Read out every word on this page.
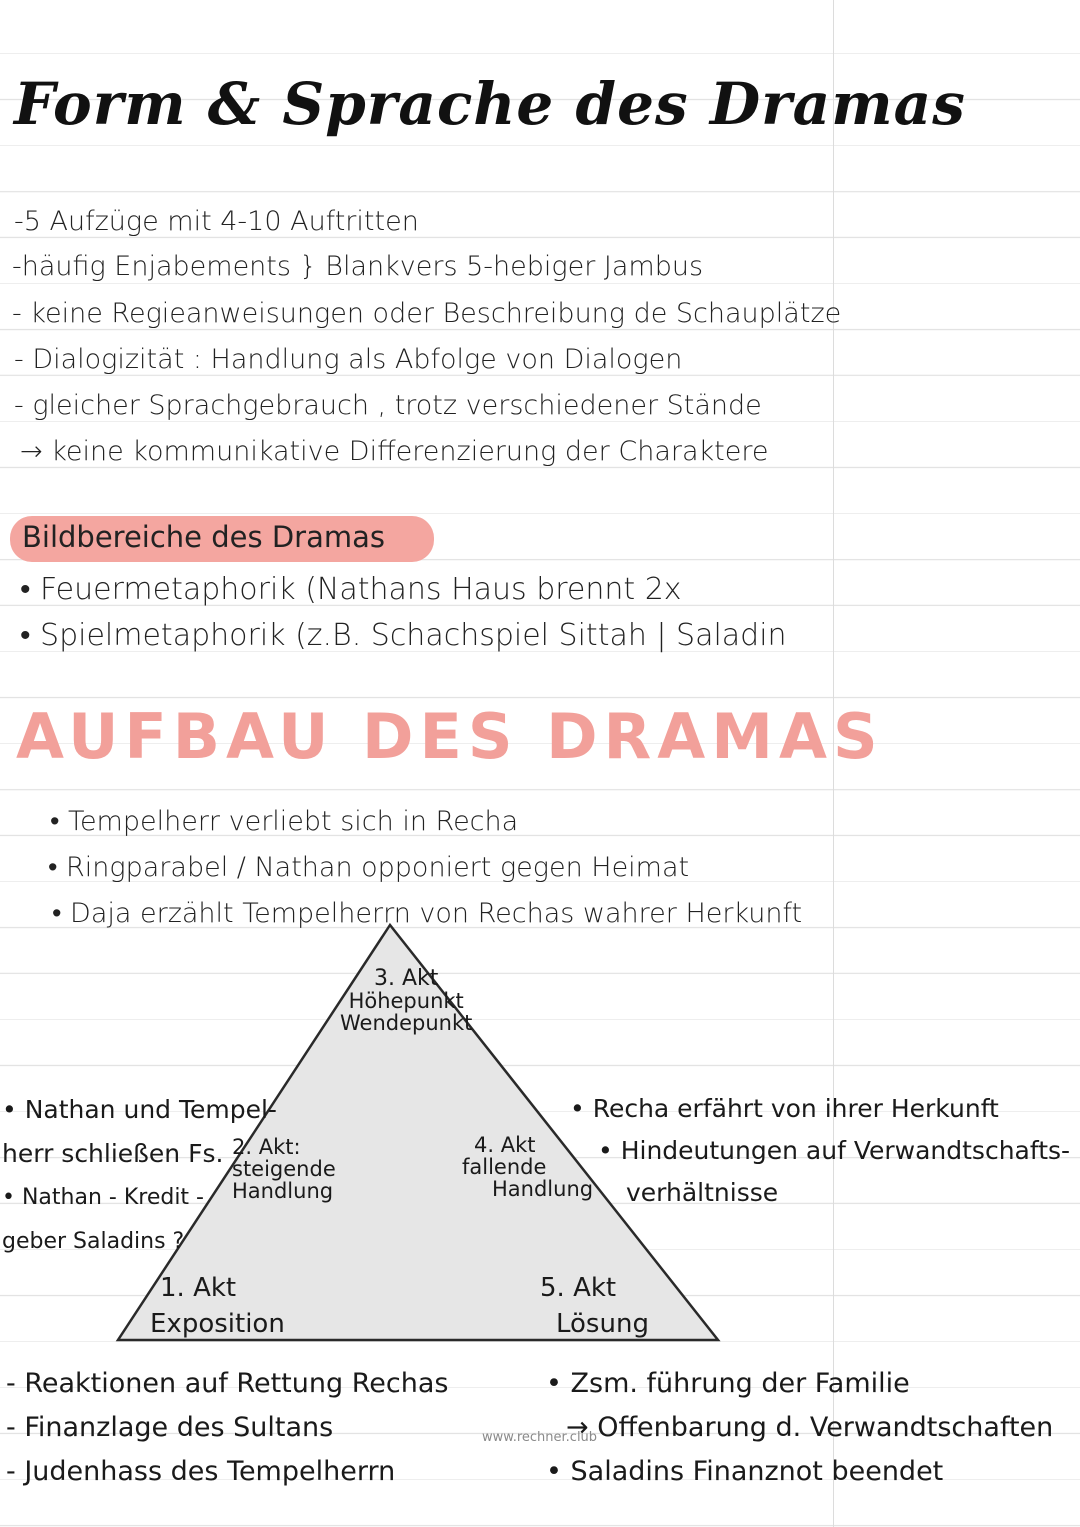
Form & Sprache des Dramas
-5 Aufzüge mit 4-10 Auftritten
-häufig Enjabements } Blankvers 5-hebiger Jambus
- keine Regieanweisungen oder Beschreibung de Schauplätze
- Dialogizität : Handlung als Abfolge von Dialogen
- gleicher Sprachgebrauch , trotz verschiedener Stände
→ keine kommunikative Differenzierung der Charaktere
Bildbereiche des Dramas
• Feuermetaphorik (Nathans Haus brennt 2x
• Spielmetaphorik (z.B. Schachspiel Sittah | Saladin
AUFBAU DES DRAMAS
• Tempelherr verliebt sich in Recha
• Ringparabel / Nathan opponiert gegen Heimat
• Daja erzählt Tempelherrn von Rechas wahrer Herkunft
3. Akt
Höhepunkt
Wendepunkt
2. Akt:
steigende
Handlung
4. Akt
fallende
Handlung
1. Akt
Exposition
5. Akt
Lösung
• Nathan und Tempel-
herr schließen Fs.
• Nathan - Kredit -
geber Saladins ?
• Recha erfährt von ihrer Herkunft
• Hindeutungen auf Verwandtschafts-
verhältnisse
- Reaktionen auf Rettung Rechas
- Finanzlage des Sultans
- Judenhass des Tempelherrn
• Zsm. führung der Familie
→ Offenbarung d. Verwandtschaften
• Saladins Finanznot beendet
www.rechner.club
